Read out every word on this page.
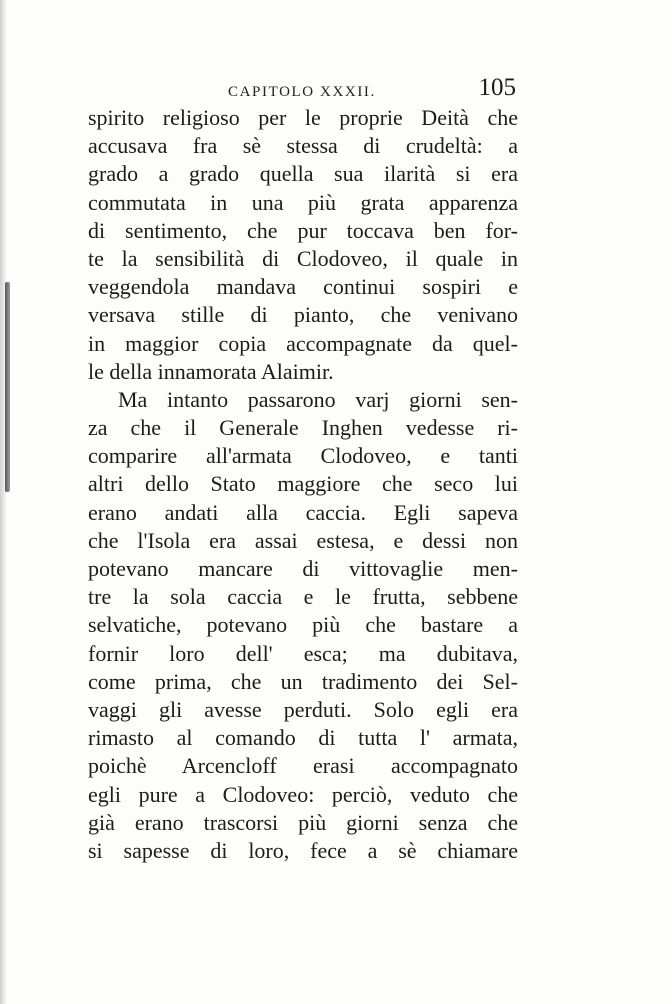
CAPITOLO XXXII.	105
spirito religioso per le proprie Deità che
accusava fra sè stessa di crudeltà: a
grado a grado quella sua ilarità si era
commutata in una più grata apparenza
di sentimento, che pur toccava ben for-
te la sensibilità di Clodoveo, il quale in
veggendola mandava continui sospiri e
versava stille di pianto, che venivano
in maggior copia accompagnate da quel-
le della innamorata Alaimir.
Ma intanto passarono varj giorni sen-
za che il Generale Inghen vedesse ri-
comparire all'armata Clodoveo, e tanti
altri dello Stato maggiore che seco lui
erano andati alla caccia. Egli sapeva
che l'Isola era assai estesa, e dessi non
potevano mancare di vittovaglie men-
tre la sola caccia e le frutta, sebbene
selvatiche, potevano più che bastare a
fornir loro dell' esca; ma dubitava,
come prima, che un tradimento dei Sel-
vaggi gli avesse perduti. Solo egli era
rimasto al comando di tutta l' armata,
poichè Arcencloff erasi accompagnato
egli pure a Clodoveo: perciò, veduto che
già erano trascorsi più giorni senza che
si sapesse di loro, fece a sè chiamare
